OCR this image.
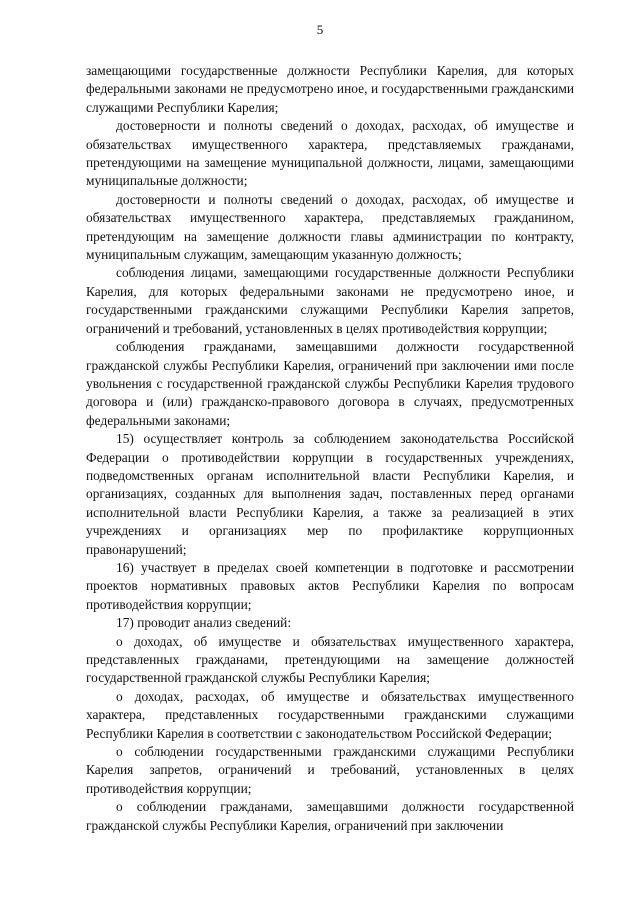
5

замещающими государственные должности Республики Карелия, для которых федеральными законами не предусмотрено иное, и государственными гражданскими служащими Республики Карелия;

достоверности и полноты сведений о доходах, расходах, об имуществе и обязательствах имущественного характера, представляемых гражданами, претендующими на замещение муниципальной должности, лицами, замещающими муниципальные должности;

достоверности и полноты сведений о доходах, расходах, об имуществе и обязательствах имущественного характера, представляемых гражданином, претендующим на замещение должности главы администрации по контракту, муниципальным служащим, замещающим указанную должность;

соблюдения лицами, замещающими государственные должности Республики Карелия, для которых федеральными законами не предусмотрено иное, и государственными гражданскими служащими Республики Карелия запретов, ограничений и требований, установленных в целях противодействия коррупции;

соблюдения гражданами, замещавшими должности государственной гражданской службы Республики Карелия, ограничений при заключении ими после увольнения с государственной гражданской службы Республики Карелия трудового договора и (или) гражданско-правового договора в случаях, предусмотренных федеральными законами;

15) осуществляет контроль за соблюдением законодательства Российской Федерации о противодействии коррупции в государственных учреждениях, подведомственных органам исполнительной власти Республики Карелия, и организациях, созданных для выполнения задач, поставленных перед органами исполнительной власти Республики Карелия, а также за реализацией в этих учреждениях и организациях мер по профилактике коррупционных правонарушений;

16) участвует в пределах своей компетенции в подготовке и рассмотрении проектов нормативных правовых актов Республики Карелия по вопросам противодействия коррупции;

17) проводит анализ сведений:

о доходах, об имуществе и обязательствах имущественного характера, представленных гражданами, претендующими на замещение должностей государственной гражданской службы Республики Карелия;

о доходах, расходах, об имуществе и обязательствах имущественного характера, представленных государственными гражданскими служащими Республики Карелия в соответствии с законодательством Российской Федерации;

о соблюдении государственными гражданскими служащими Республики Карелия запретов, ограничений и требований, установленных в целях противодействия коррупции;

о соблюдении гражданами, замещавшими должности государственной гражданской службы Республики Карелия, ограничений при заключении
